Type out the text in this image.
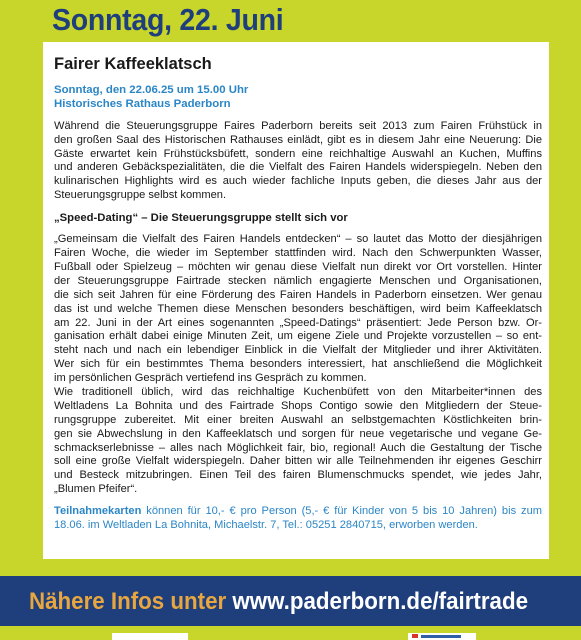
Sonntag, 22. Juni
Fairer Kaffeeklatsch
Sonntag, den 22.06.25 um 15.00 Uhr
Historisches Rathaus Paderborn
Während die Steuerungsgruppe Faires Paderborn bereits seit 2013 zum Fairen Frühstück in
den großen Saal des Historischen Rathauses einlädt, gibt es in diesem Jahr eine Neuerung: Die
Gäste erwartet kein Frühstücksbüfett, sondern eine reichhaltige Auswahl an Kuchen, Muffins
und anderen Gebäckspezialitäten, die die Vielfalt des Fairen Handels widerspiegeln. Neben den
kulinarischen Highlights wird es auch wieder fachliche Inputs geben, die dieses Jahr aus der
Steuerungsgruppe selbst kommen.
„Speed-Dating“ – Die Steuerungsgruppe stellt sich vor
„Gemeinsam die Vielfalt des Fairen Handels entdecken“ – so lautet das Motto der diesjährigen
Fairen Woche, die wieder im September stattfinden wird. Nach den Schwerpunkten Wasser,
Fußball oder Spielzeug – möchten wir genau diese Vielfalt nun direkt vor Ort vorstellen. Hinter
der Steuerungsgruppe Fairtrade stecken nämlich engagierte Menschen und Organisationen,
die sich seit Jahren für eine Förderung des Fairen Handels in Paderborn einsetzen. Wer genau
das ist und welche Themen diese Menschen besonders beschäftigen, wird beim Kaffeeklatsch
am 22. Juni in der Art eines sogenannten „Speed-Datings“ präsentiert: Jede Person bzw. Or-
ganisation erhält dabei einige Minuten Zeit, um eigene Ziele und Projekte vorzustellen – so ent-
steht nach und nach ein lebendiger Einblick in die Vielfalt der Mitglieder und ihrer Aktivitäten.
Wer sich für ein bestimmtes Thema besonders interessiert, hat anschließend die Möglichkeit
im persönlichen Gespräch vertiefend ins Gespräch zu kommen.
Wie traditionell üblich, wird das reichhaltige Kuchenbüfett von den Mitarbeiter*innen des
Weltladens La Bohnita und des Fairtrade Shops Contigo sowie den Mitgliedern der Steue-
rungsgruppe zubereitet. Mit einer breiten Auswahl an selbstgemachten Köstlichkeiten brin-
gen sie Abwechslung in den Kaffeeklatsch und sorgen für neue vegetarische und vegane Ge-
schmackserlebnisse – alles nach Möglichkeit fair, bio, regional! Auch die Gestaltung der Tische
soll eine große Vielfalt widerspiegeln. Daher bitten wir alle Teilnehmenden ihr eigenes Geschirr
und Besteck mitzubringen. Einen Teil des fairen Blumenschmucks spendet, wie jedes Jahr,
„Blumen Pfeifer“.
Teilnahmekarten können für 10,- € pro Person (5,- € für Kinder von 5 bis 10 Jahren) bis zum
18.06. im Weltladen La Bohnita, Michaelstr. 7, Tel.: 05251 2840715, erworben werden.
Nähere Infos unter www.paderborn.de/fairtrade
